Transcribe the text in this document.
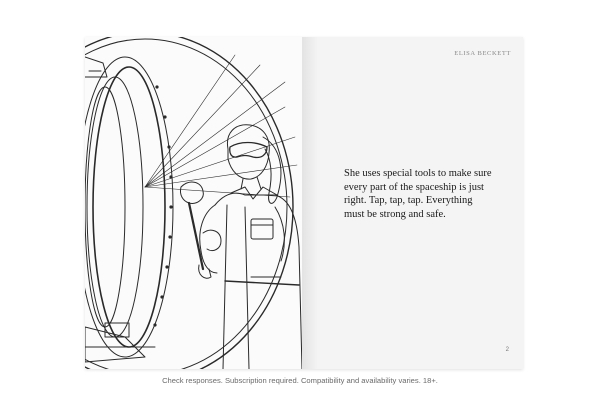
ELISA BECKETT

She uses special tools to make sure every part of the spaceship is just right. Tap, tap, tap. Everything must be strong and safe.

2

Check responses. Subscription required. Compatibility and availability varies. 18+.
